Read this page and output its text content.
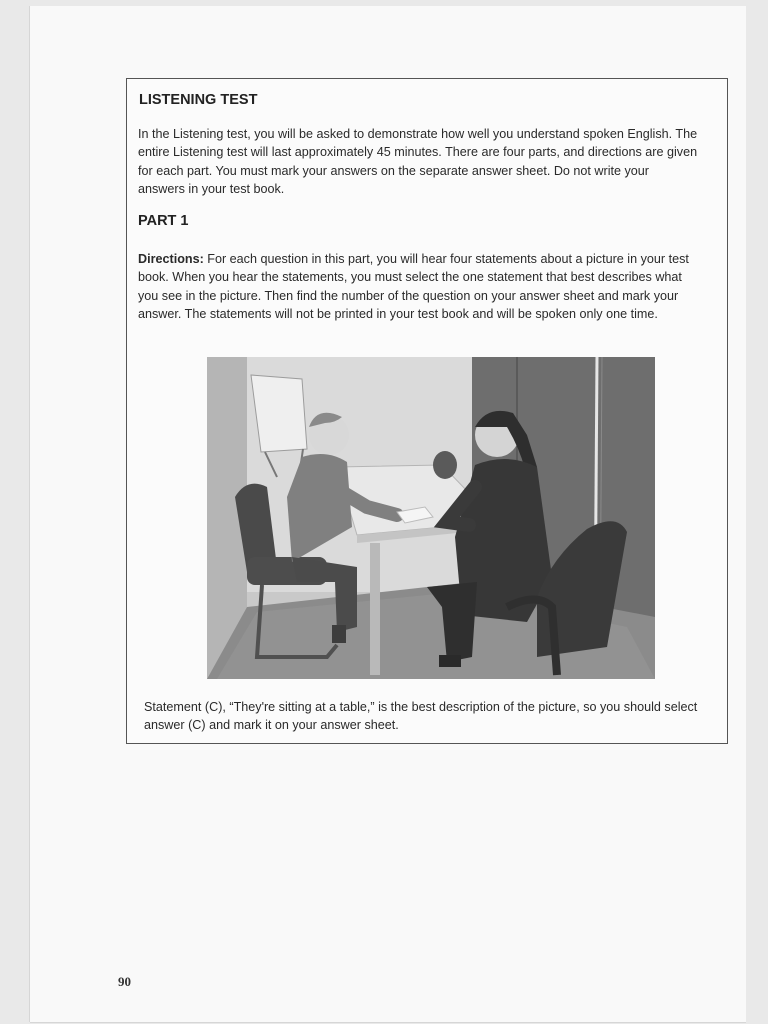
LISTENING TEST
In the Listening test, you will be asked to demonstrate how well you understand spoken English. The entire Listening test will last approximately 45 minutes. There are four parts, and directions are given for each part. You must mark your answers on the separate answer sheet. Do not write your answers in your test book.
PART 1
Directions: For each question in this part, you will hear four statements about a picture in your test book. When you hear the statements, you must select the one statement that best describes what you see in the picture. Then find the number of the question on your answer sheet and mark your answer. The statements will not be printed in your test book and will be spoken only one time.
Statement (C), “They're sitting at a table,” is the best description of the picture, so you should select answer (C) and mark it on your answer sheet.
90
